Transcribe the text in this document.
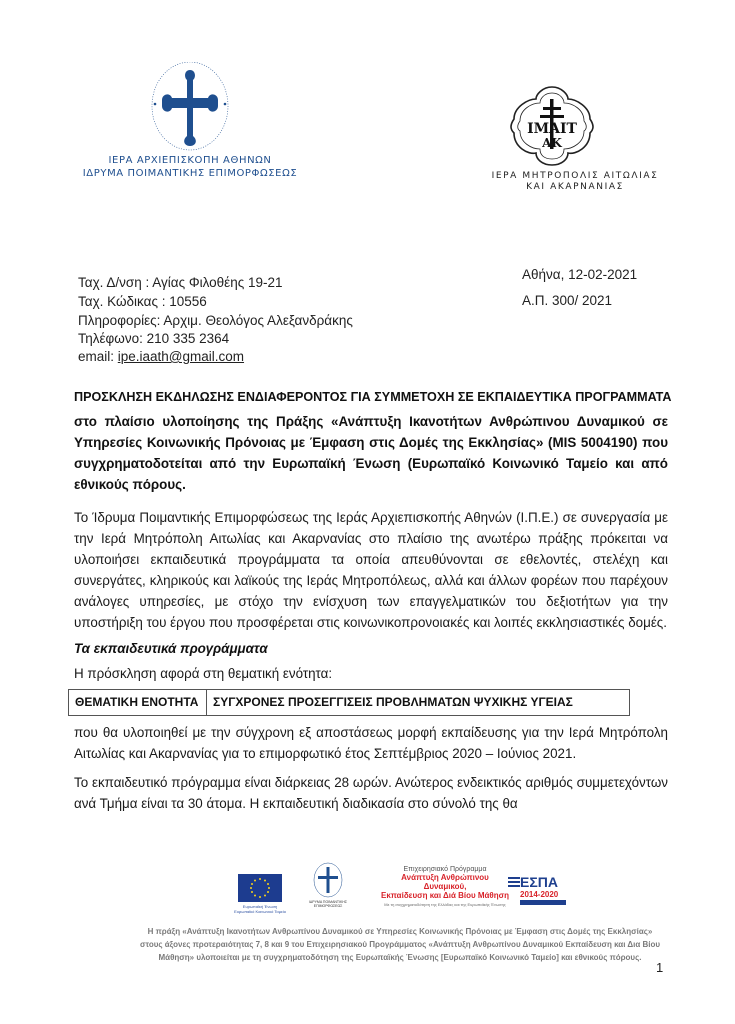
ΙΕΡΑ ΑΡΧΙΕΠΙΣΚΟΠΗ ΑΘΗΝΩΝ
ΙΔΡΥΜΑ ΠΟΙΜΑΝΤΙΚΗΣ ΕΠΙΜΟΡΦΩΣΕΩΣ
ΙΜΑΙΤ
ΑΚ
ΙΕΡΑ ΜΗΤΡΟΠΟΛΙΣ ΑΙΤΩΛΙΑΣ
ΚΑΙ ΑΚΑΡΝΑΝΙΑΣ
Ταχ. Δ/νση : Αγίας Φιλοθέης 19-21
Ταχ. Κώδικας : 10556
Πληροφορίες: Αρχιμ. Θεολόγος Αλεξανδράκης
Τηλέφωνο: 210 335 2364
email: ipe.iaath@gmail.com
Αθήνα, 12-02-2021
Α.Π. 300/ 2021
ΠΡΟΣΚΛΗΣΗ ΕΚΔΗΛΩΣΗΣ ΕΝΔΙΑΦΕΡΟΝΤΟΣ ΓΙΑ ΣΥΜΜΕΤΟΧΗ ΣΕ ΕΚΠΑΙΔΕΥΤΙΚΑ ΠΡΟΓΡΑΜΜΑΤΑ
στο πλαίσιο υλοποίησης της Πράξης «Ανάπτυξη Ικανοτήτων Ανθρώπινου Δυναμικού σε Υπηρεσίες Κοινωνικής Πρόνοιας με Έμφαση στις Δομές της Εκκλησίας» (MIS 5004190) που συγχρηματοδοτείται από την Ευρωπαϊκή Ένωση (Ευρωπαϊκό Κοινωνικό Ταμείο και από εθνικούς πόρους.
Το Ίδρυμα Ποιμαντικής Επιμορφώσεως της Ιεράς Αρχιεπισκοπής Αθηνών (Ι.Π.Ε.) σε συνεργασία με την Ιερά Μητρόπολη Αιτωλίας και Ακαρνανίας στο πλαίσιο της ανωτέρω πράξης πρόκειται να υλοποιήσει εκπαιδευτικά προγράμματα τα οποία απευθύνονται σε εθελοντές, στελέχη και συνεργάτες, κληρικούς και λαϊκούς της Ιεράς Μητροπόλεως, αλλά και άλλων φορέων που παρέχουν ανάλογες υπηρεσίες, με στόχο την ενίσχυση των επαγγελματικών του δεξιοτήτων για την υποστήριξη του έργου που προσφέρεται στις κοινωνικοπρονοιακές και λοιπές εκκλησιαστικές δομές.
Τα εκπαιδευτικά προγράμματα
Η πρόσκληση αφορά στη θεματική ενότητα:
ΘΕΜΑΤΙΚΗ ΕΝΟΤΗΤΑ	ΣΥΓΧΡΟΝΕΣ ΠΡΟΣΕΓΓΙΣΕΙΣ ΠΡΟΒΛΗΜΑΤΩΝ ΨΥΧΙΚΗΣ ΥΓΕΙΑΣ
που θα υλοποιηθεί με την σύγχρονη εξ αποστάσεως μορφή εκπαίδευσης για την Ιερά Μητρόπολη Αιτωλίας και Ακαρνανίας για το επιμορφωτικό έτος Σεπτέμβριος 2020 – Ιούνιος 2021.
Το εκπαιδευτικό πρόγραμμα είναι διάρκειας 28 ωρών. Ανώτερος ενδεικτικός αριθμός συμμετεχόντων ανά Τμήμα είναι τα 30 άτομα. Η εκπαιδευτική διαδικασία στο σύνολό της θα
Ευρωπαϊκή Ένωση
Ευρωπαϊκό Κοινωνικό Ταμείο
ΙΔΡΥΜΑ ΠΟΙΜΑΝΤΙΚΗΣ ΕΠΙΜΟΡΦΩΣΕΩΣ
Επιχειρησιακό Πρόγραμμα
Ανάπτυξη Ανθρώπινου Δυναμικού,
Εκπαίδευση και Διά Βίου Μάθηση
Με τη συγχρηματοδότηση της Ελλάδας και της Ευρωπαϊκής Ένωσης
ΕΣΠΑ
2014-2020
Η πράξη «Ανάπτυξη Ικανοτήτων Ανθρωπίνου Δυναμικού σε Υπηρεσίες Κοινωνικής Πρόνοιας με Έμφαση στις Δομές της Εκκλησίας» στους άξονες προτεραιότητας 7, 8 και 9 του Επιχειρησιακού Προγράμματος «Ανάπτυξη Ανθρωπίνου Δυναμικού Εκπαίδευση και Δια Βίου Μάθηση» υλοποιείται με τη συγχρηματοδότηση της Ευρωπαϊκής Ένωσης [Ευρωπαϊκό Κοινωνικό Ταμείο] και εθνικούς πόρους.
1
